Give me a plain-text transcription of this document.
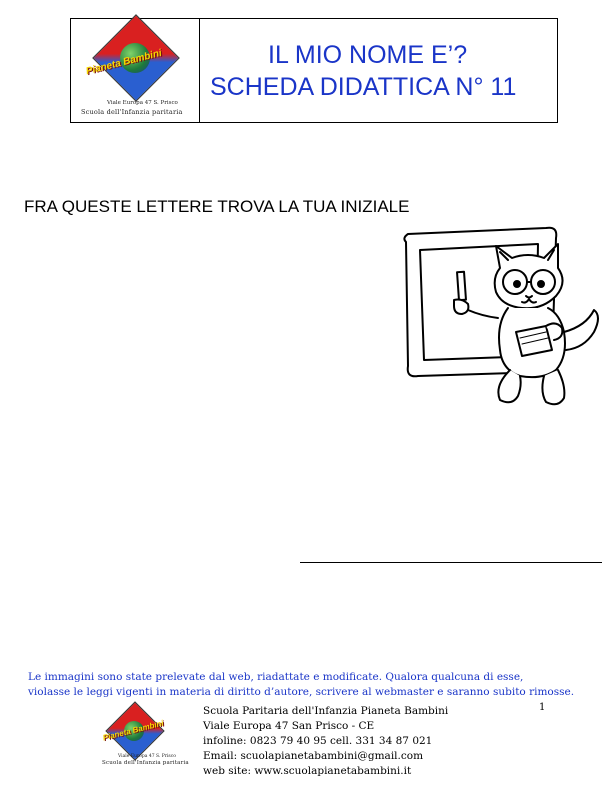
Pianeta Bambini
Viale Europa 47 S. Prisco
Scuola dell'Infanzia paritaria
IL MIO NOME E’?
SCHEDA DIDATTICA N° 11
FRA QUESTE LETTERE TROVA LA TUA INIZIALE
Le immagini sono state prelevate dal web, riadattate e modificate. Qualora qualcuna di esse,
violasse le leggi vigenti in materia di diritto d’autore, scrivere al webmaster e saranno subito rimosse.
Pianeta Bambini
Viale Europa 47 S. Prisco
Scuola dell'Infanzia paritaria
1
Scuola Paritaria dell'Infanzia Pianeta Bambini
Viale Europa 47 San Prisco - CE
infoline: 0823 79 40 95 cell. 331 34 87 021
Email: scuolapianetabambini@gmail.com
web site: www.scuolapianetabambini.it
